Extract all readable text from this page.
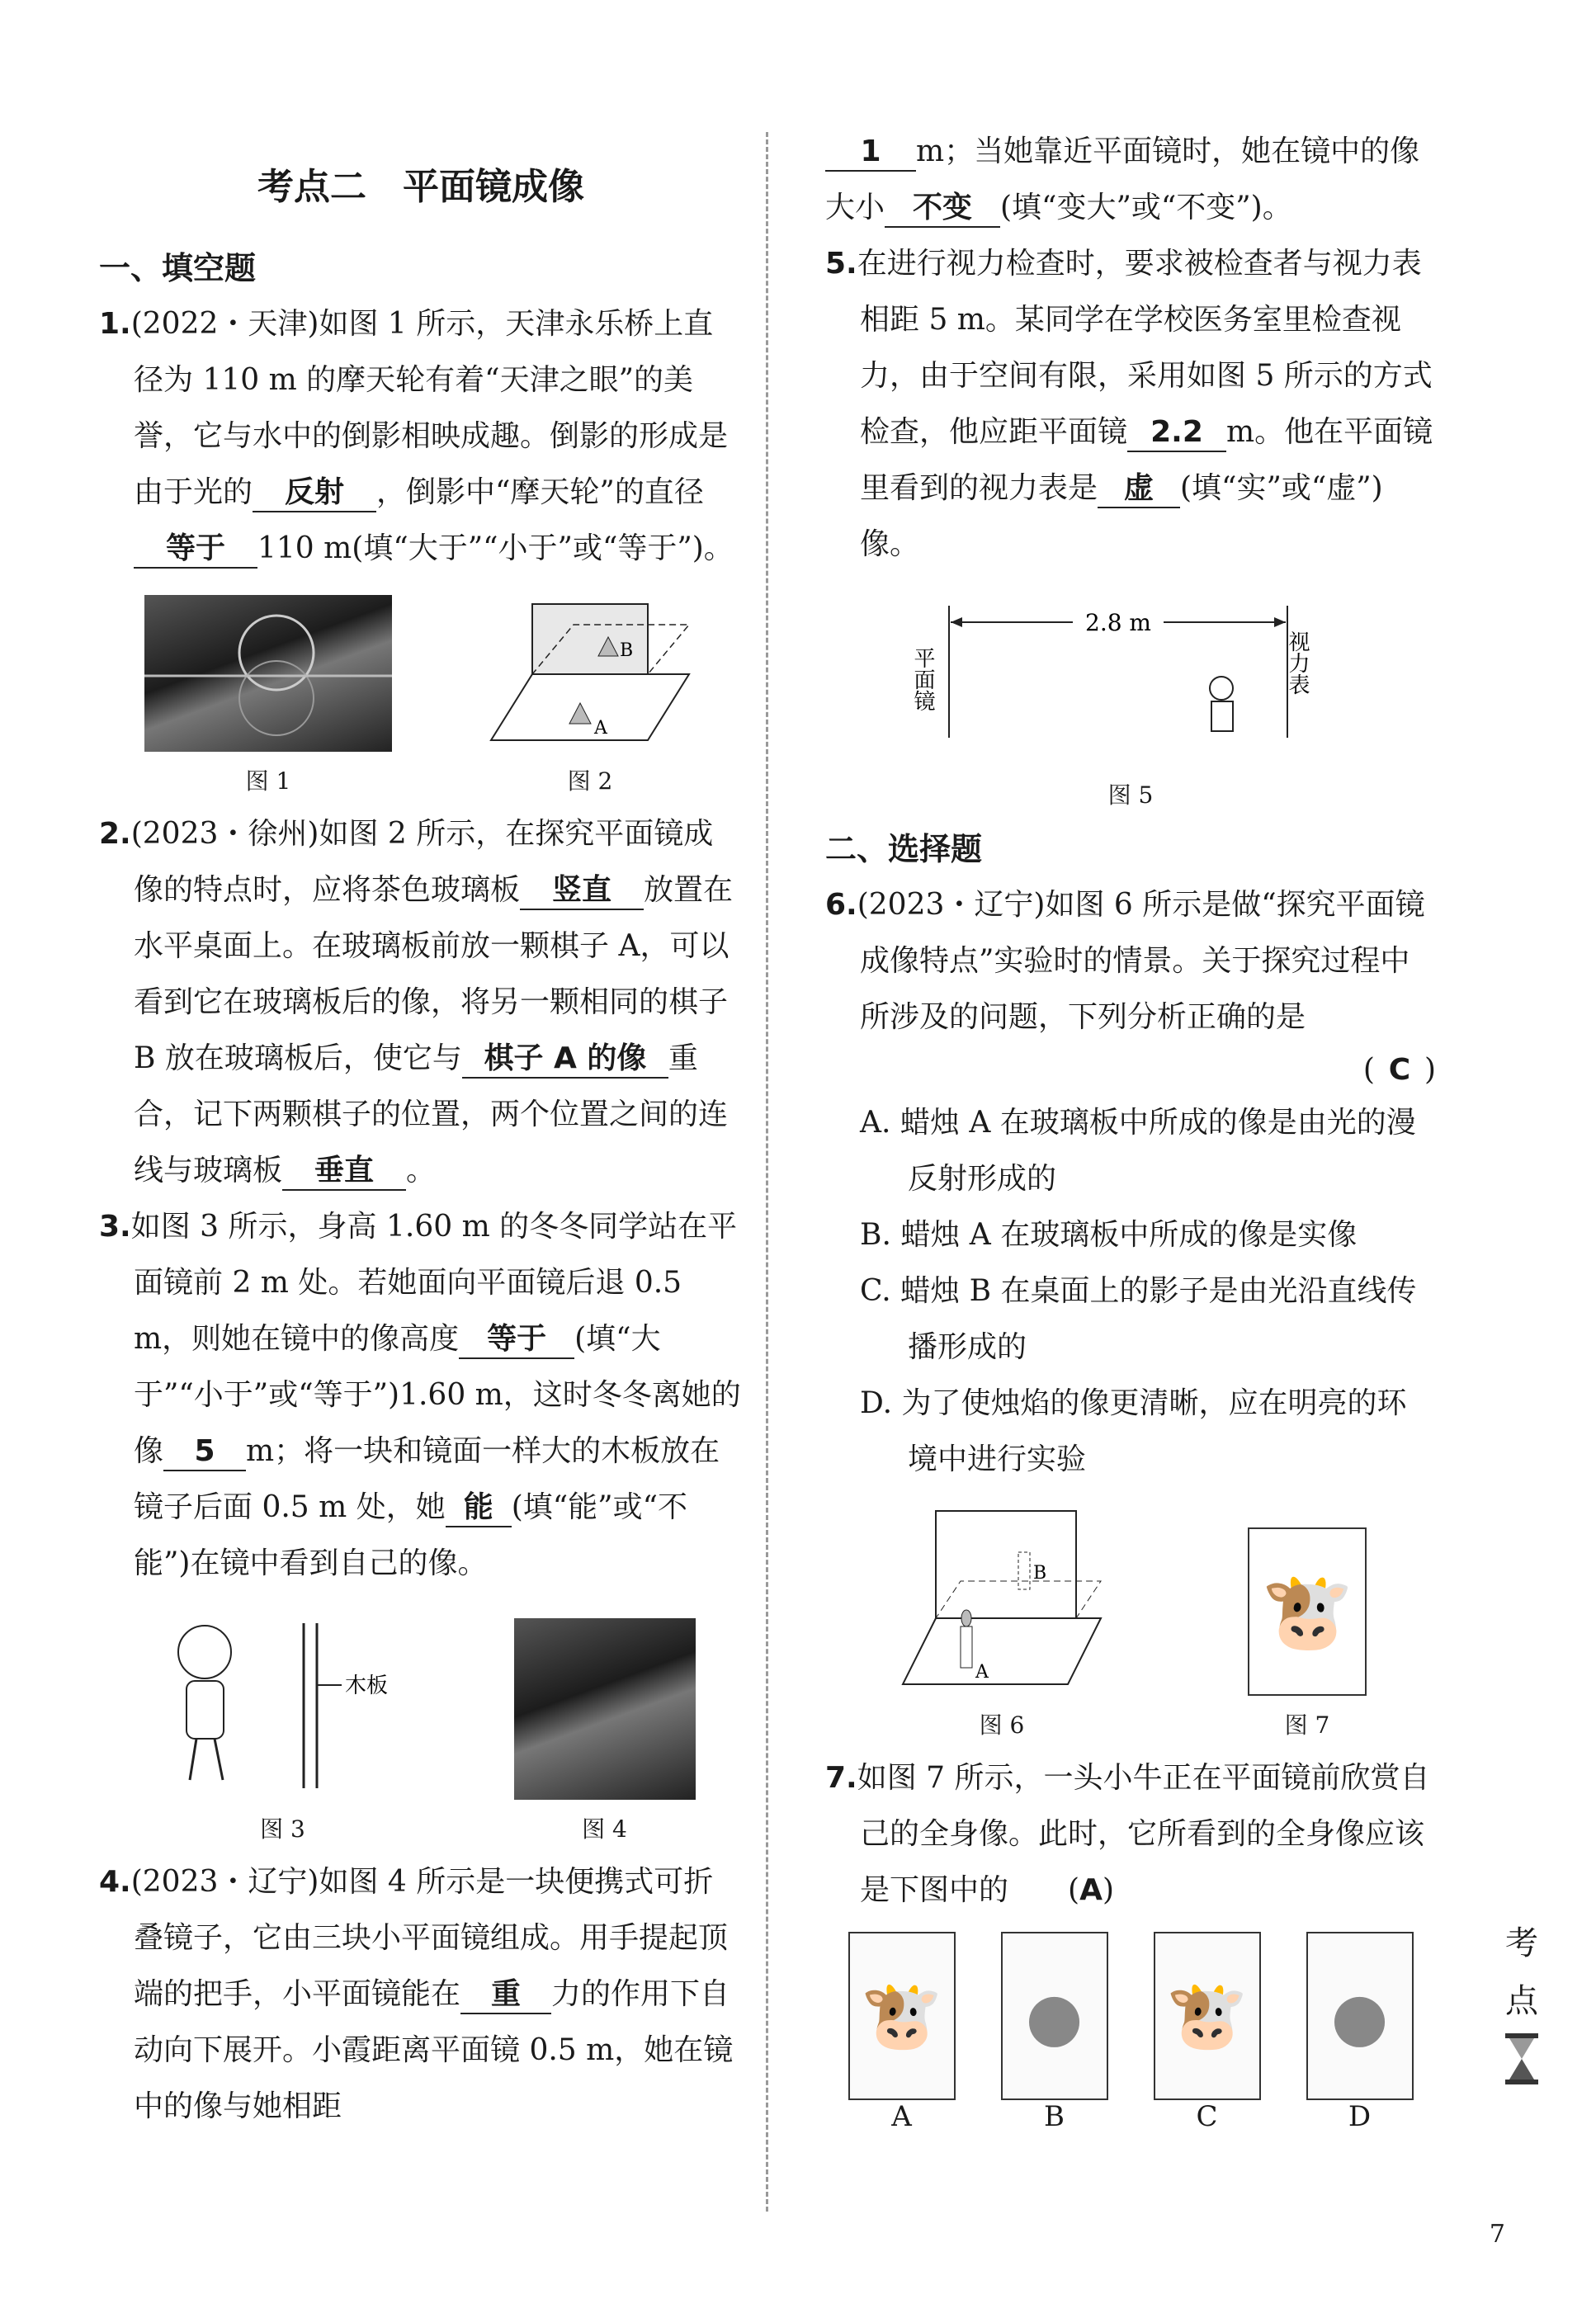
考点二　平面镜成像
一、填空题

1.(2022・天津)如图 1 所示，天津永乐桥上直径为 110 m 的摩天轮有着“天津之眼”的美誉，它与水中的倒影相映成趣。倒影的形成是由于光的 反射 ，倒影中“摩天轮”的直径等于 110 m(填“大于”“小于”或“等于”)。

图 1
A
B
图 2

2.(2023・徐州)如图 2 所示，在探究平面镜成像的特点时，应将茶色玻璃板 竖直 放置在水平桌面上。在玻璃板前放一颗棋子 A，可以看到它在玻璃板后的像，将另一颗相同的棋子 B 放在玻璃板后，使它与 棋子 A 的像 重合，记下两颗棋子的位置，两个位置之间的连线与玻璃板 垂直 。

3.如图 3 所示，身高 1.60 m 的冬冬同学站在平面镜前 2 m 处。若她面向平面镜后退 0.5 m，则她在镜中的像高度 等于 (填“大于”“小于”或“等于”)1.60 m，这时冬冬离她的像 5 m；将一块和镜面一样大的木板放在镜子后面 0.5 m 处，她 能 (填“能”或“不能”)在镜中看到自己的像。

木板
图 3	图 4

4.(2023・辽宁)如图 4 所示是一块便携式可折叠镜子，它由三块小平面镜组成。用手提起顶端的把手，小平面镜能在 重 力的作用下自动向下展开。小霞距离平面镜 0.5 m，她在镜中的像与她相距

1 m；当她靠近平面镜时，她在镜中的像大小 不变 (填“变大”或“不变”)。

5.在进行视力检查时，要求被检查者与视力表相距 5 m。某同学在学校医务室里检查视力，由于空间有限，采用如图 5 所示的方式检查，他应距平面镜 2.2 m。他在平面镜里看到的视力表是 虚 (填“实”或“虚”)像。

2.8 m
平面镜	视力表
图 5
二、选择题

6.(2023・辽宁)如图 6 所示是做“探究平面镜成像特点”实验时的情景。关于探究过程中所涉及的问题，下列分析正确的是

( C )

A. 蜡烛 A 在玻璃板中所成的像是由光的漫反射形成的

B. 蜡烛 A 在玻璃板中所成的像是实像

C. 蜡烛 B 在桌面上的影子是由光沿直线传播形成的

D. 为了使烛焰的像更清晰，应在明亮的环境中进行实验

A
B
图 6
🐮
图 7

7.如图 7 所示，一头小牛正在平面镜前欣赏自己的全身像。此时，它所看到的全身像应该是下图中的　　(A)

🐮
A
●
B
🐮
C
●
D
考
点
7
